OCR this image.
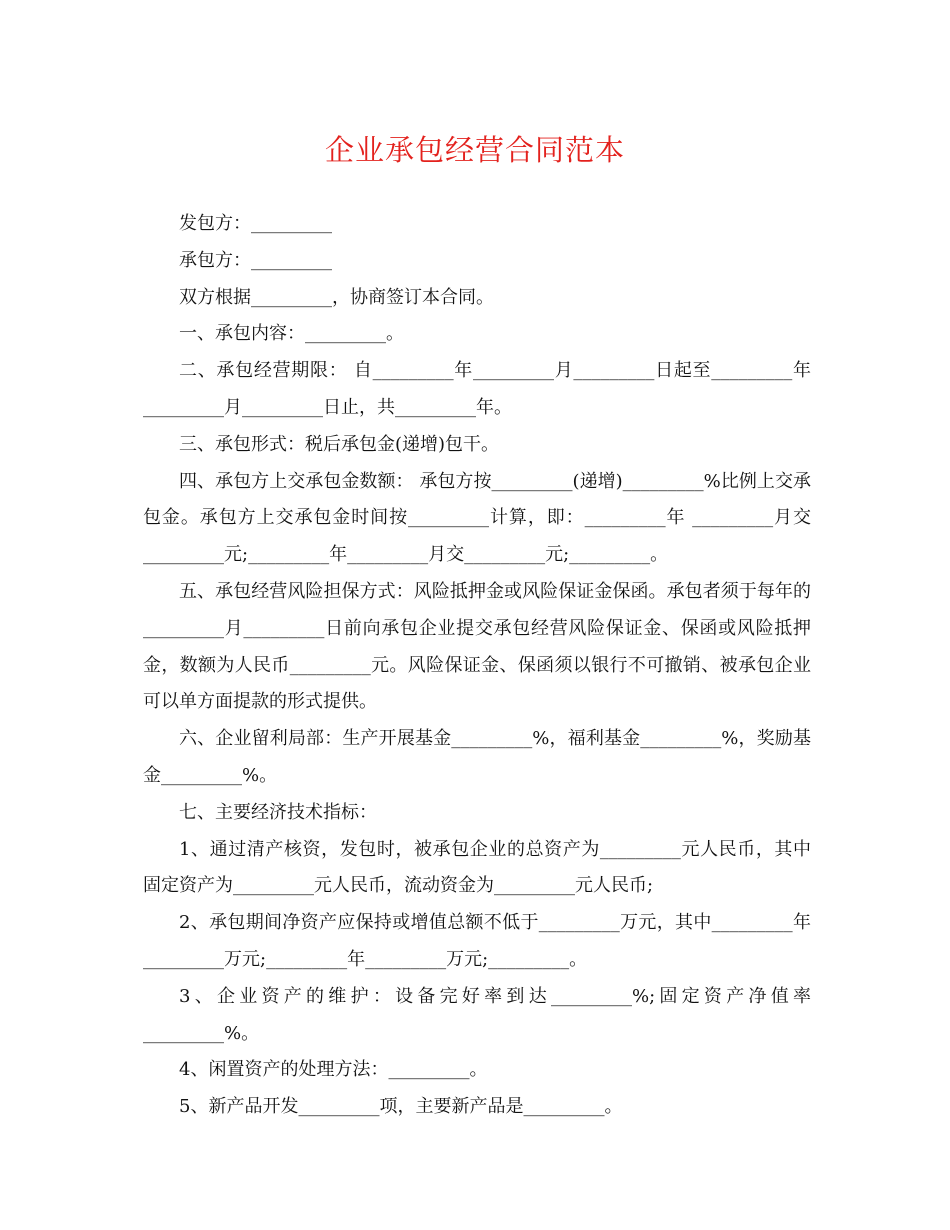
企业承包经营合同范本

发包方：_________

承包方：_________

双方根据_________，协商签订本合同。

一、承包内容：_________。

二、承包经营期限： 自_________年_________月_________日起至_________年_________月_________日止，共_________年。

三、承包形式：税后承包金(递增)包干。

四、承包方上交承包金数额： 承包方按_________(递增)_________%比例上交承包金。承包方上交承包金时间按_________计算，即：_________年 _________月交_________元;_________年_________月交_________元;_________。

五、承包经营风险担保方式：风险抵押金或风险保证金保函。承包者须于每年的_________月_________日前向承包企业提交承包经营风险保证金、保函或风险抵押金，数额为人民币_________元。风险保证金、保函须以银行不可撤销、被承包企业可以单方面提款的形式提供。

六、企业留利局部：生产开展基金_________%，福利基金_________%，奖励基金_________%。

七、主要经济技术指标：

1、通过清产核资，发包时，被承包企业的总资产为_________元人民币，其中固定资产为_________元人民币，流动资金为_________元人民币;

2、承包期间净资产应保持或增值总额不低于_________万元，其中_________年_________万元;_________年_________万元;_________。

3、企业资产的维护：设备完好率到达_________%;固定资产净值率_________%。

4、闲置资产的处理方法：_________。

5、新产品开发_________项，主要新产品是_________。
